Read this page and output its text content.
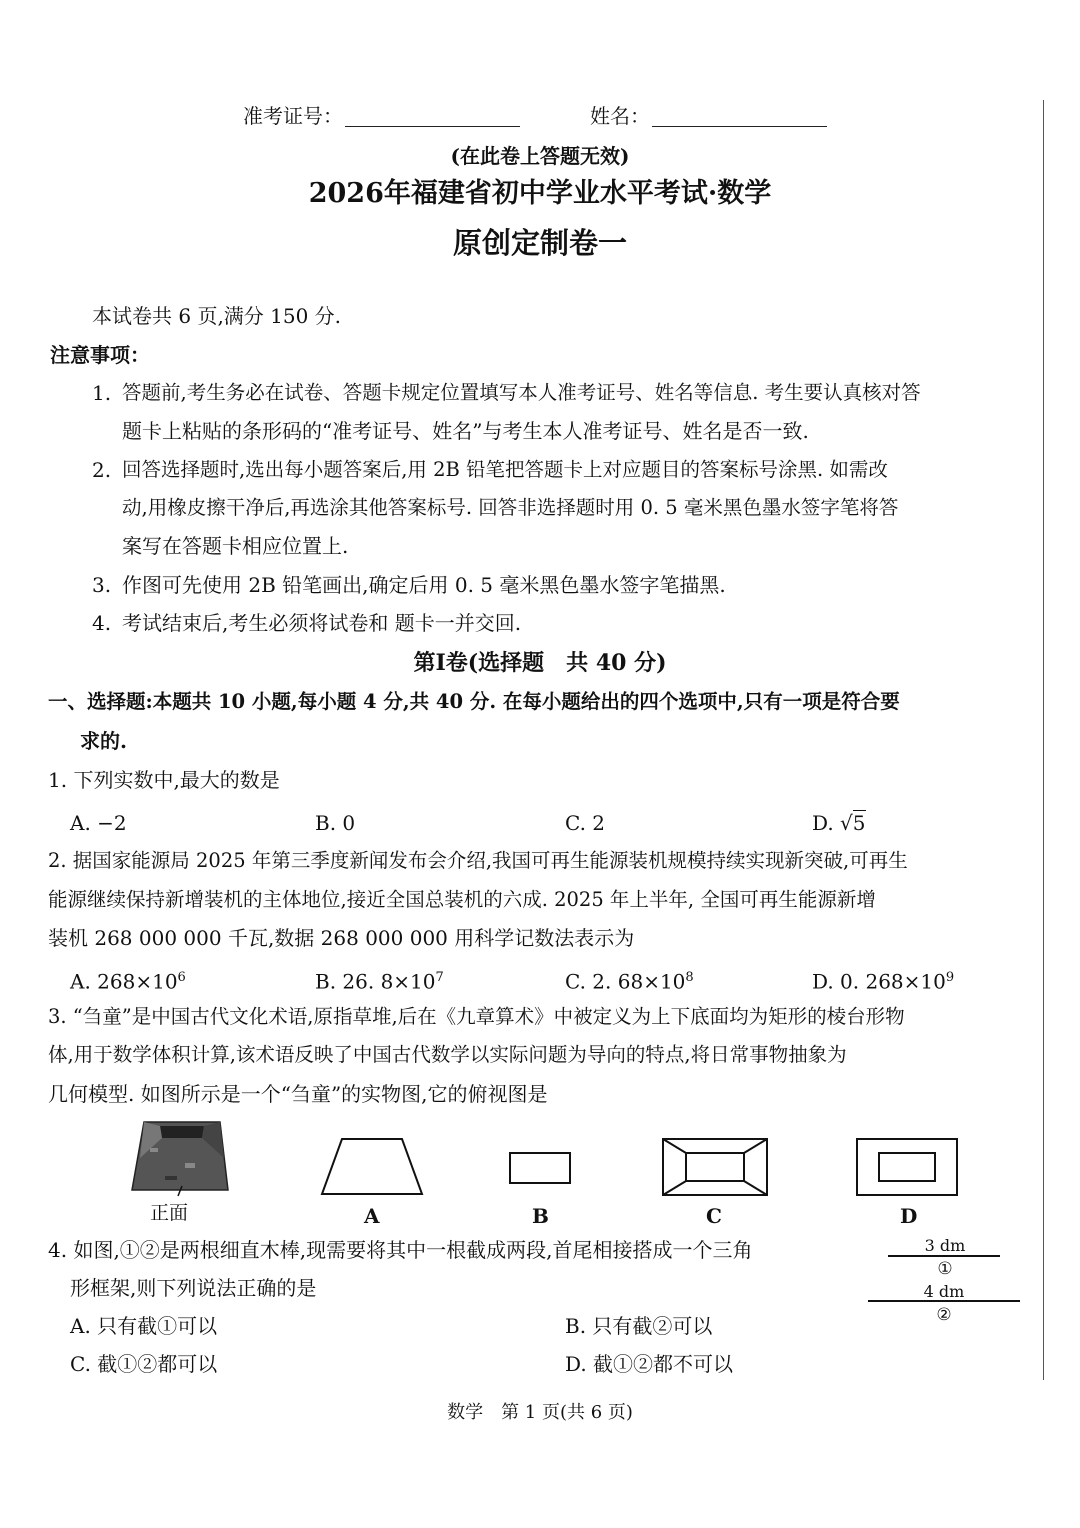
准考证号：	姓名：
(在此卷上答题无效)
2026年福建省初中学业水平考试·数学
原创定制卷一
本试卷共 6 页,满分 150 分.
注意事项：
1. 答题前,考生务必在试卷、答题卡规定位置填写本人准考证号、姓名等信息. 考生要认真核对答
题卡上粘贴的条形码的“准考证号、姓名”与考生本人准考证号、姓名是否一致.
2. 回答选择题时,选出每小题答案后,用 2B 铅笔把答题卡上对应题目的答案标号涂黑. 如需改
动,用橡皮擦干净后,再选涂其他答案标号. 回答非选择题时用 0. 5 毫米黑色墨水签字笔将答
案写在答题卡相应位置上.
3. 作图可先使用 2B 铅笔画出,确定后用 0. 5 毫米黑色墨水签字笔描黑.
4. 考试结束后,考生必须将试卷和 题卡一并交回.
第Ⅰ卷(选择题　共 40 分)
一、选择题:本题共 10 小题,每小题 4 分,共 40 分. 在每小题给出的四个选项中,只有一项是符合要
求的.
1. 下列实数中,最大的数是
A. −2	B. 0	C. 2	D. √5
2. 据国家能源局 2025 年第三季度新闻发布会介绍,我国可再生能源装机规模持续实现新突破,可再生
能源继续保持新增装机的主体地位,接近全国总装机的六成. 2025 年上半年, 全国可再生能源新增
装机 268 000 000 千瓦,数据 268 000 000 用科学记数法表示为
A. $268\times 10^6$	B. 26. $8\times 10^7$	C. 2. $68\times 10^8$	D. 0. $268\times 10^9$
3. “刍童”是中国古代文化术语,原指草堆,后在《九章算术》中被定义为上下底面均为矩形的棱台形物
体,用于数学体积计算,该术语反映了中国古代数学以实际问题为导向的特点,将日常事物抽象为
几何模型. 如图所示是一个“刍童”的实物图,它的俯视图是
正面	A	B	C	D
4. 如图,①②是两根细直木棒,现需要将其中一根截成两段,首尾相接搭成一个三角
形框架,则下列说法正确的是
A. 只有截①可以	B. 只有截②可以
C. 截①②都可以	D. 截①②都不可以
3 dm
①
4 dm
②
数学　第 1 页(共 6 页)
